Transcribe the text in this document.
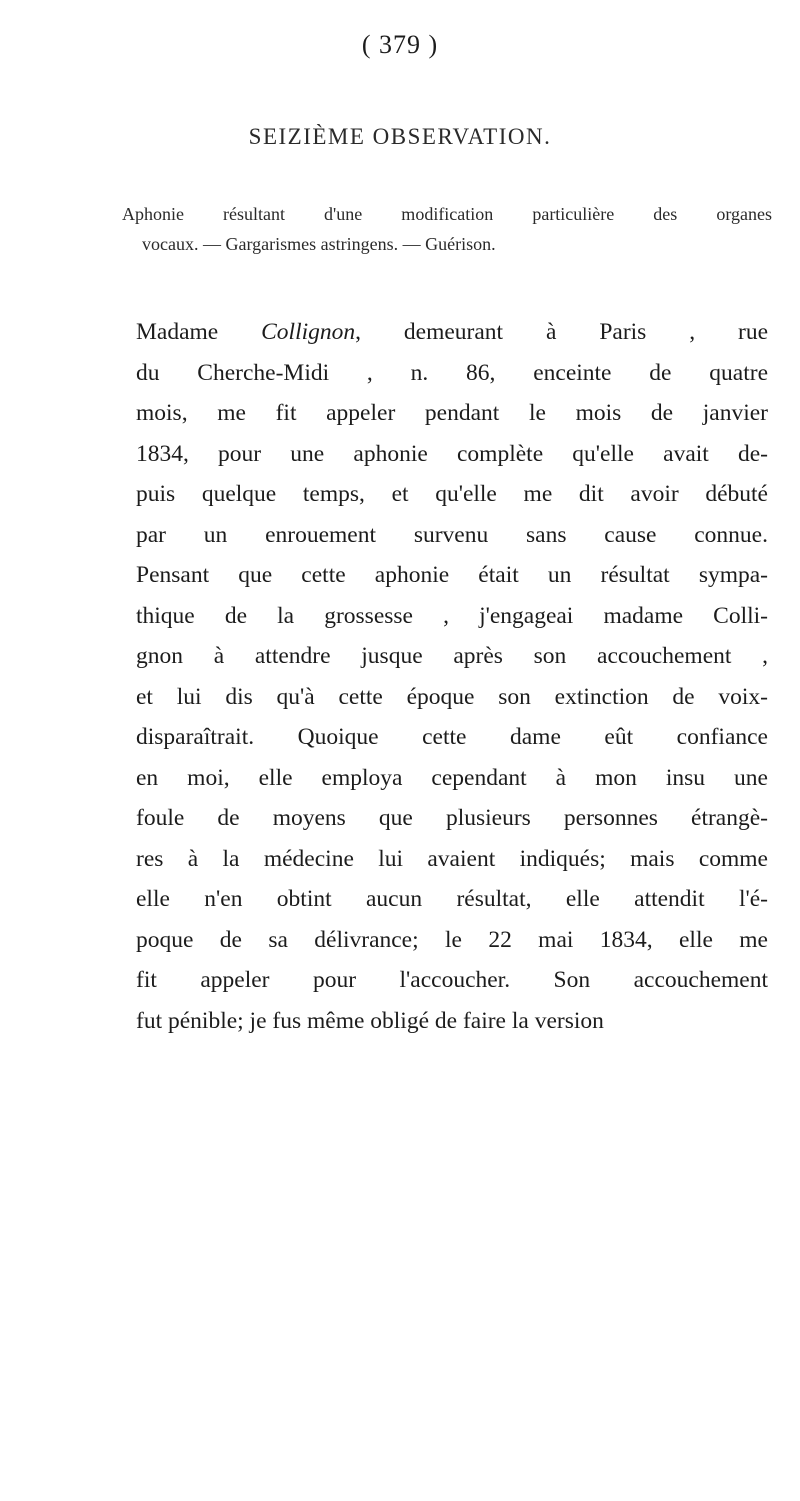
( 379 )
SEIZIÈME OBSERVATION.
Aphonie résultant d'une modification particulière des organes
vocaux. — Gargarismes astringens. — Guérison.
Madame Collignon, demeurant à Paris , rue
du Cherche-Midi , n. 86, enceinte de quatre
mois, me fit appeler pendant le mois de janvier
1834, pour une aphonie complète qu'elle avait de-
puis quelque temps, et qu'elle me dit avoir débuté
par un enrouement survenu sans cause connue.
Pensant que cette aphonie était un résultat sympa-
thique de la grossesse , j'engageai madame Colli-
gnon à attendre jusque après son accouchement ,
et lui dis qu'à cette époque son extinction de voix-
disparaîtrait. Quoique cette dame eût confiance
en moi, elle employa cependant à mon insu une
foule de moyens que plusieurs personnes étrangè-
res à la médecine lui avaient indiqués; mais comme
elle n'en obtint aucun résultat, elle attendit l'é-
poque de sa délivrance; le 22 mai 1834, elle me
fit appeler pour l'accoucher. Son accouchement
fut pénible; je fus même obligé de faire la version
